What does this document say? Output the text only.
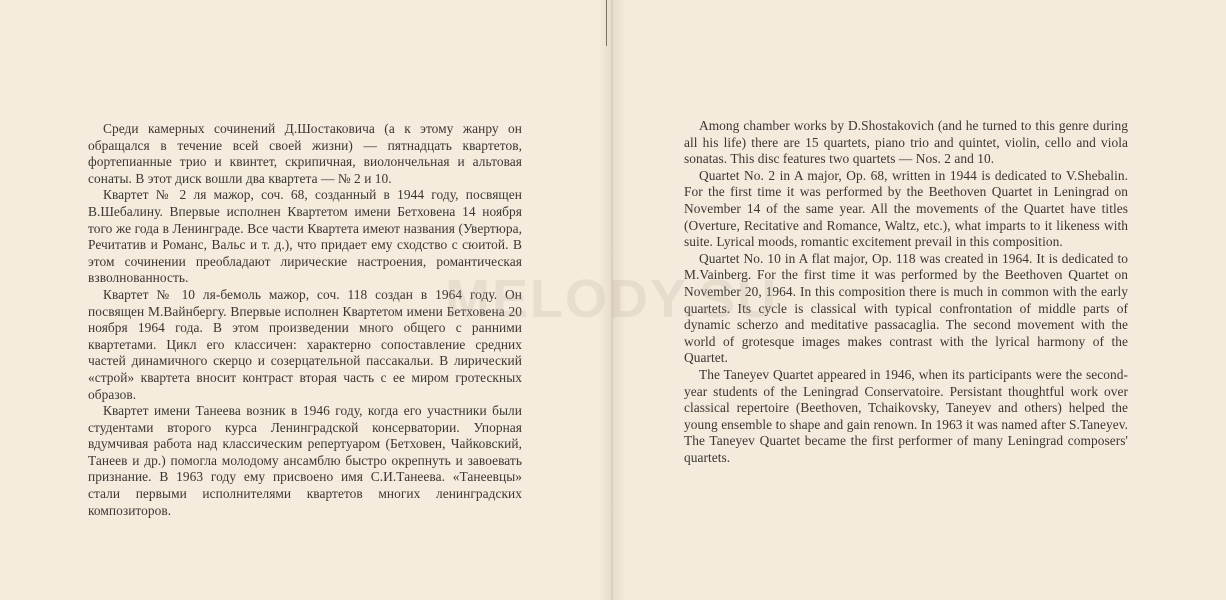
Среди камерных сочинений Д.Шостаковича (а к этому жанру он обращался в течение всей своей жизни) — пятнадцать квартетов, фортепианные трио и квинтет, скрипичная, виолончельная и альтовая сонаты. В этот диск вошли два квартета — № 2 и 10.

Квартет № 2 ля мажор, соч. 68, созданный в 1944 году, посвящен В.Шебалину. Впервые исполнен Квартетом имени Бетховена 14 ноября того же года в Ленинграде. Все части Квартета имеют названия (Увертюра, Речитатив и Романс, Вальс и т. д.), что придает ему сходство с сюитой. В этом сочинении преобладают лирические настроения, романтическая взволнованность.

Квартет № 10 ля-бемоль мажор, соч. 118 создан в 1964 году. Он посвящен М.Вайнбергу. Впервые исполнен Квартетом имени Бетховена 20 ноября 1964 года. В этом произведении много общего с ранними квартетами. Цикл его классичен: характерно сопоставление средних частей динамичного скерцо и созерцательной пассакальи. В лирический «строй» квартета вносит контраст вторая часть с ее миром гротескных образов.

Квартет имени Танеева возник в 1946 году, когда его участники были студентами второго курса Ленинградской консерватории. Упорная вдумчивая работа над классическим репертуаром (Бетховен, Чайковский, Танеев и др.) помогла молодому ансамблю быстро окрепнуть и завоевать признание. В 1963 году ему присвоено имя С.И.Танеева. «Танеевцы» стали первыми исполнителями квартетов многих ленинградских композиторов.

Among chamber works by D.Shostakovich (and he turned to this genre during all his life) there are 15 quartets, piano trio and quintet, violin, cello and viola sonatas. This disc features two quartets — Nos. 2 and 10.

Quartet No. 2 in A major, Op. 68, written in 1944 is dedicated to V.Shebalin. For the first time it was performed by the Beethoven Quartet in Leningrad on November 14 of the same year. All the movements of the Quartet have titles (Overture, Recitative and Romance, Waltz, etc.), what imparts to it likeness with suite. Lyrical moods, romantic excitement prevail in this composition.

Quartet No. 10 in A flat major, Op. 118 was created in 1964. It is dedicated to M.Vainberg. For the first time it was performed by the Beethoven Quartet on November 20, 1964. In this composition there is much in common with the early quartets. Its cycle is classical with typical confrontation of middle parts of dynamic scherzo and meditative passacaglia. The second movement with the world of grotesque images makes contrast with the lyrical harmony of the Quartet.

The Taneyev Quartet appeared in 1946, when its participants were the second-year students of the Leningrad Conservatoire. Persistant thoughtful work over classical repertoire (Beethoven, Tchaikovsky, Taneyev and others) helped the young ensemble to shape and gain renown. In 1963 it was named after S.Taneyev. The Taneyev Quartet became the first performer of many Leningrad composers' quartets.
